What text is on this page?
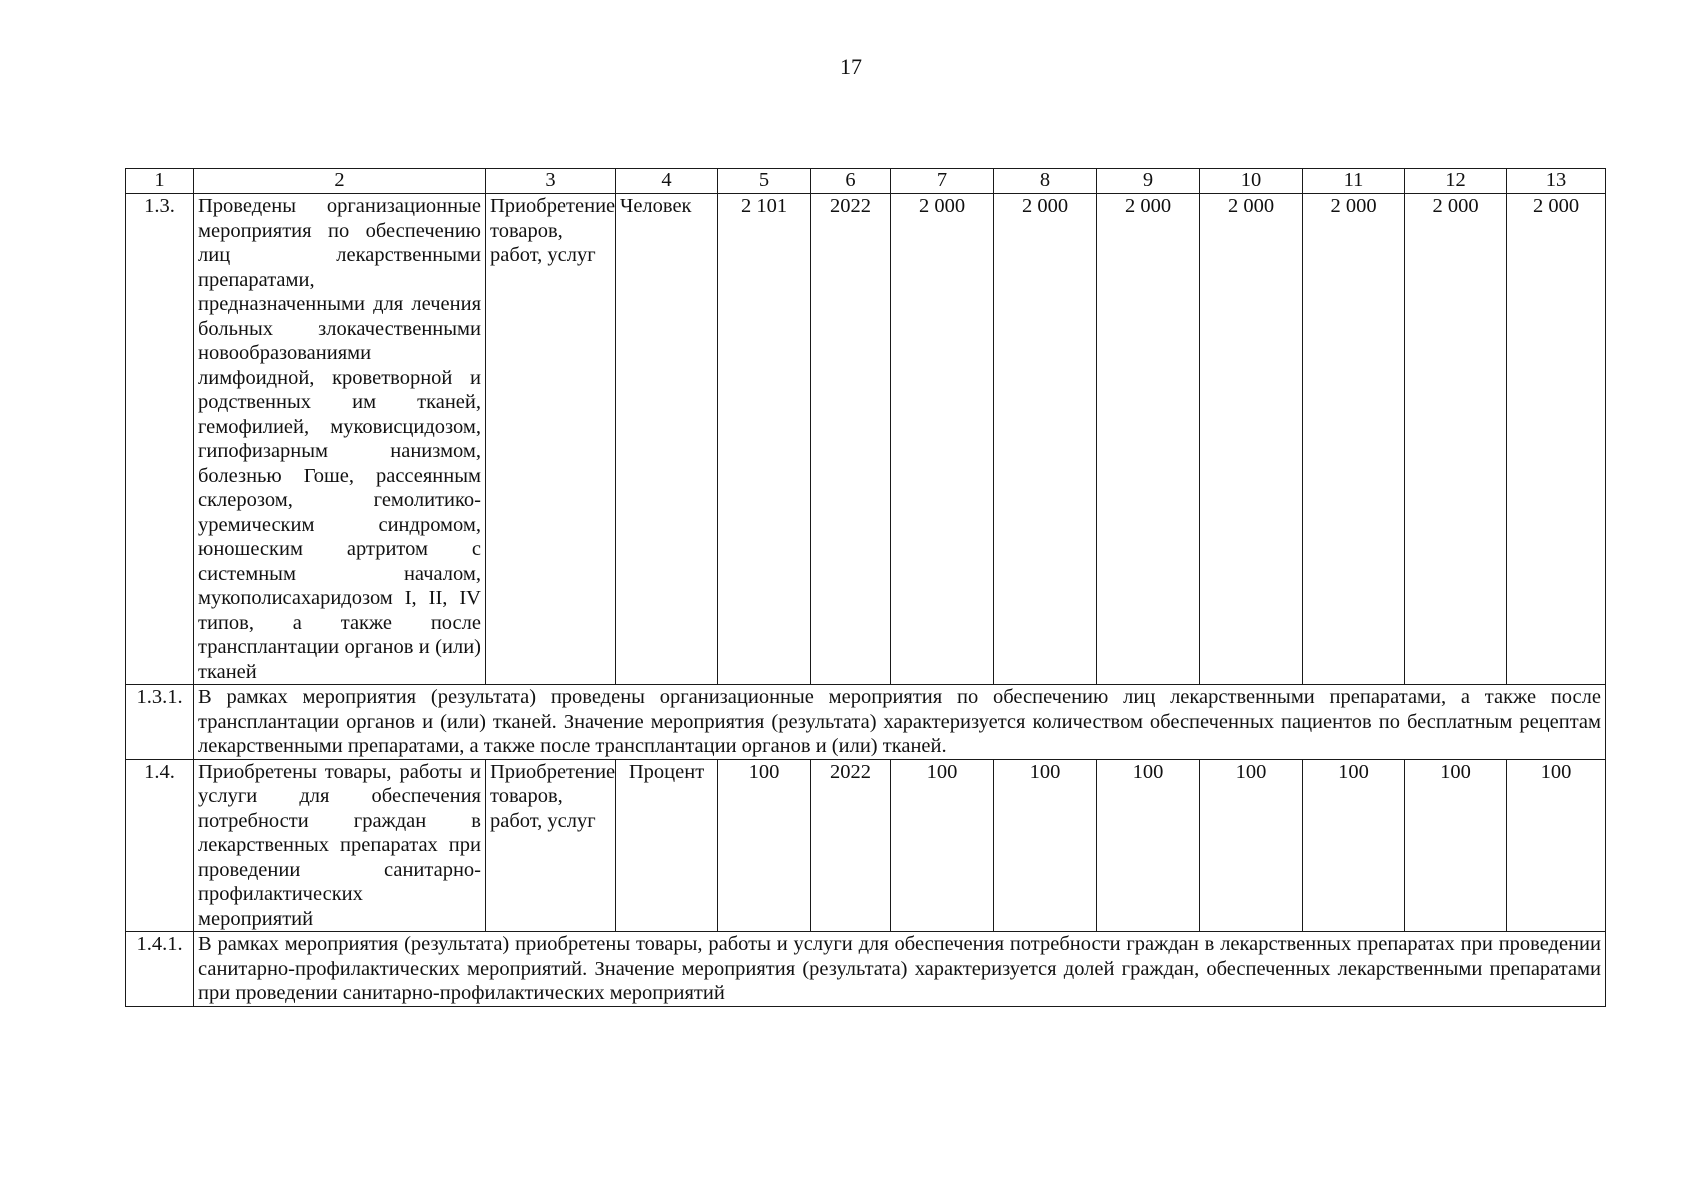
17
1	2	3	4	5	6	7	8	9	10	11	12	13
1.3.	Проведены организационные мероприятия по обеспечению лиц лекарственными препаратами, предназначенными для лечения больных злокачественными новообразованиями лимфоидной, кроветворной и родственных им тканей, гемофилией, муковисцидозом, гипофизарным нанизмом, болезнью Гоше, рассеянным склерозом, гемолитико-уремическим синдромом, юношеским артритом с системным началом, мукополисахаридозом I, II, IV типов, а также после трансплантации органов и (или) тканей	Приобретение товаров, работ, услуг	Человек	2 101	2022	2 000	2 000	2 000	2 000	2 000	2 000	2 000
1.3.1.	В рамках мероприятия (результата) проведены организационные мероприятия по обеспечению лиц лекарственными препаратами, а также после трансплантации органов и (или) тканей. Значение мероприятия (результата) характеризуется количеством обеспеченных пациентов по бесплатным рецептам лекарственными препаратами, а также после трансплантации органов и (или) тканей.											
1.4.	Приобретены товары, работы и услуги для обеспечения потребности граждан в лекарственных препаратах при проведении санитарно-профилактических мероприятий	Приобретение товаров, работ, услуг	Процент	100	2022	100	100	100	100	100	100	100
1.4.1.	В рамках мероприятия (результата) приобретены товары, работы и услуги для обеспечения потребности граждан в лекарственных препаратах при проведении санитарно-профилактических мероприятий. Значение мероприятия (результата) характеризуется долей граждан, обеспеченных лекарственными препаратами при проведении санитарно-профилактических мероприятий											
